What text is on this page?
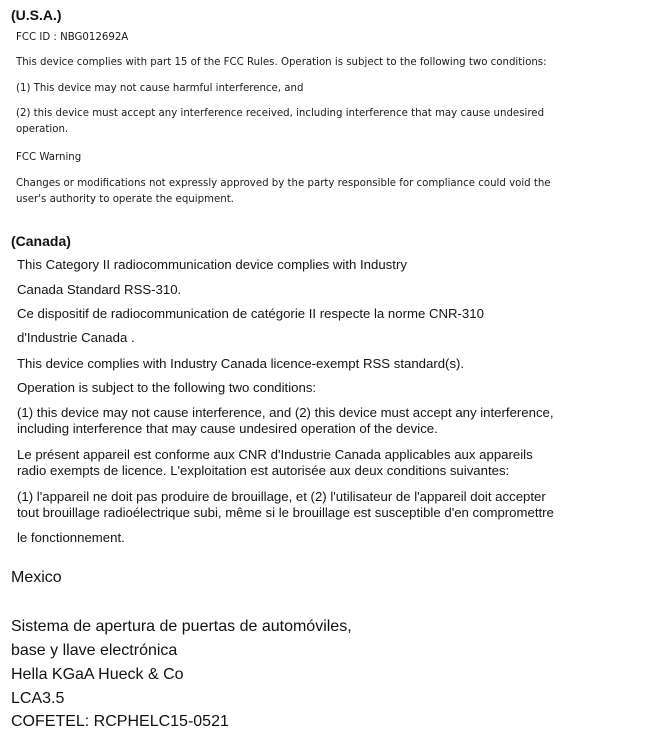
(U.S.A.)

FCC ID : NBG012692A

This device complies with part 15 of the FCC Rules. Operation is subject to the following two conditions:

(1) This device may not cause harmful interference, and

(2) this device must accept any interference received, including interference that may cause undesired

operation.

FCC Warning

Changes or modifications not expressly approved by the party responsible for compliance could void the

user's authority to operate the equipment.

(Canada)

This Category II radiocommunication device complies with Industry

Canada Standard RSS-310.

Ce dispositif de radiocommunication de catégorie II respecte la norme CNR-310

d'Industrie Canada .

This device complies with Industry Canada licence-exempt RSS standard(s).

Operation is subject to the following two conditions:

(1) this device may not cause interference, and (2) this device must accept any interference,

including interference that may cause undesired operation of the device.

Le présent appareil est conforme aux CNR d'Industrie Canada applicables aux appareils

radio exempts de licence. L'exploitation est autorisée aux deux conditions suivantes:

(1) l'appareil ne doit pas produire de brouillage, et (2) l'utilisateur de l'appareil doit accepter

tout brouillage radioélectrique subi, même si le brouillage est susceptible d'en compromettre

le fonctionnement.

Mexico

Sistema de apertura de puertas de automóviles,

base y llave electrónica

Hella KGaA Hueck & Co

LCA3.5

COFETEL: RCPHELC15-0521
